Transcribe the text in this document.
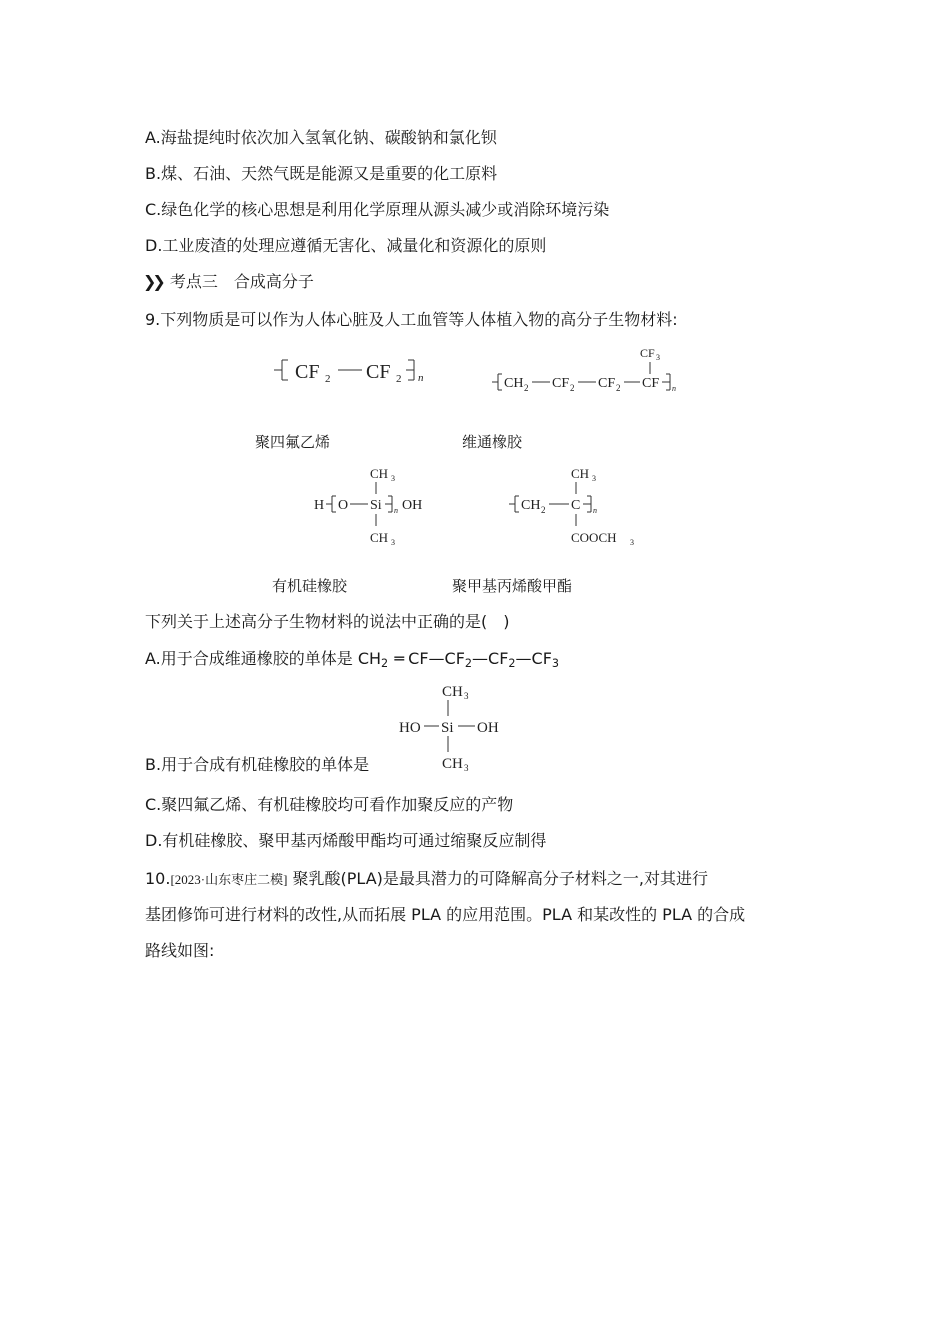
A.海盐提纯时依次加入氢氧化钠、碳酸钠和氯化钡
B.煤、石油、天然气既是能源又是重要的化工原料
C.绿色化学的核心思想是利用化学原理从源头减少或消除环境污染
D.工业废渣的处理应遵循无害化、减量化和资源化的原则
❯❯ 考点三　合成高分子
9.下列物质是可以作为人体心脏及人工血管等人体植入物的高分子生物材料:
CF 2 CF 2 n	CH 2 CF 2 CF 2 CF
CF 3
n
聚四氟乙烯	维通橡胶
H O Si n OH
CH 3
CH 3
CH 2 C n
CH 3
COOCH 3
有机硅橡胶	聚甲基丙烯酸甲酯
下列关于上述高分子生物材料的说法中正确的是(　)
A.用于合成维通橡胶的单体是 $CH_2$ ═ $CF—CF_2—CF_2—CF_3$
B.用于合成有机硅橡胶的单体是
CH 3
HO Si OH
CH 3
C.聚四氟乙烯、有机硅橡胶均可看作加聚反应的产物
D.有机硅橡胶、聚甲基丙烯酸甲酯均可通过缩聚反应制得
10.[2023·山东枣庄二模] 聚乳酸(PLA)是最具潜力的可降解高分子材料之一,对其进行
基团修饰可进行材料的改性,从而拓展 PLA 的应用范围。PLA 和某改性的 PLA 的合成
路线如图:
